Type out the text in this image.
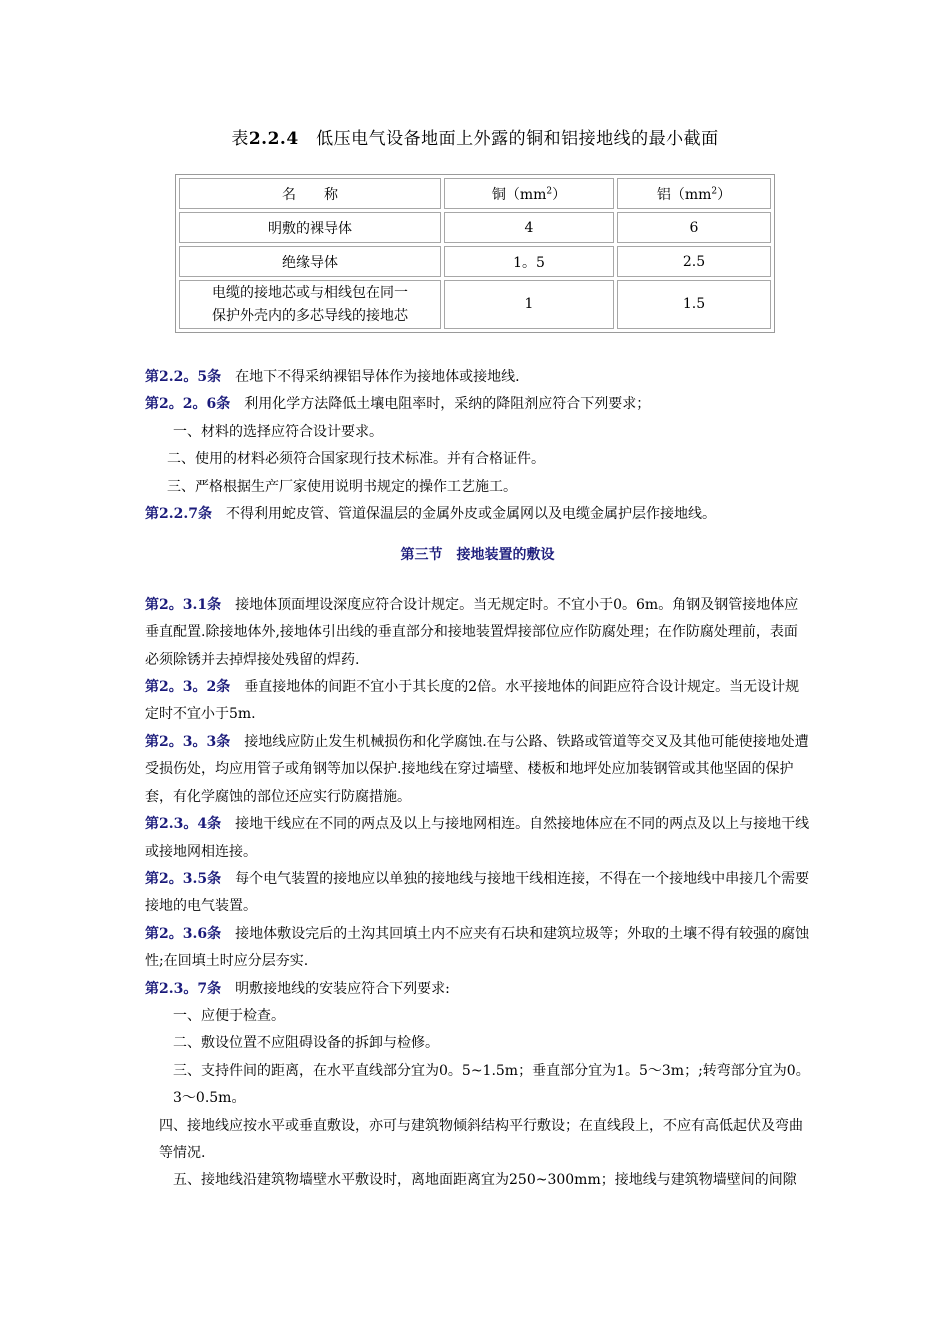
表2.2.4　 低压电气设备地面上外露的铜和铝接地线的最小截面
名　　称	铜$(mm^2)$	铝$(mm^2)$
明敷的裸导体	4	6
绝缘导体	1。5	2.5
电缆的接地芯或与相线包在同一
保护外壳内的多芯导线的接地芯	1	1.5

第2.2。5条 在地下不得采纳裸铝导体作为接地体或接地线.

第2。2。6条 利用化学方法降低土壤电阻率时，采纳的降阻剂应符合下列要求；

一、材料的选择应符合设计要求。

二、使用的材料必须符合国家现行技术标准。并有合格证件。

三、严格根据生产厂家使用说明书规定的操作工艺施工。

第2.2.7条 不得利用蛇皮管、管道保温层的金属外皮或金属网以及电缆金属护层作接地线。

第三节　接地装置的敷设

第2。3.1条 接地体顶面埋设深度应符合设计规定。当无规定时。不宜小于0。6m。角钢及钢管接地体应垂直配置.除接地体外,接地体引出线的垂直部分和接地装置焊接部位应作防腐处理；在作防腐处理前，表面必须除锈并去掉焊接处残留的焊药.

第2。3。2条 垂直接地体的间距不宜小于其长度的2倍。水平接地体的间距应符合设计规定。当无设计规定时不宜小于5m.

第2。3。3条 接地线应防止发生机械损伤和化学腐蚀.在与公路、铁路或管道等交叉及其他可能使接地处遭受损伤处，均应用管子或角钢等加以保护.接地线在穿过墙壁、楼板和地坪处应加装钢管或其他坚固的保护套，有化学腐蚀的部位还应实行防腐措施。

第2.3。4条 接地干线应在不同的两点及以上与接地网相连。自然接地体应在不同的两点及以上与接地干线或接地网相连接。

第2。3.5条 每个电气装置的接地应以单独的接地线与接地干线相连接，不得在一个接地线中串接几个需要接地的电气装置。

第2。3.6条 接地体敷设完后的土沟其回填土内不应夹有石块和建筑垃圾等；外取的土壤不得有较强的腐蚀性;在回填土时应分层夯实.

第2.3。7条 明敷接地线的安装应符合下列要求:

一、应便于检查。

二、敷设位置不应阻碍设备的拆卸与检修。

三、支持件间的距离，在水平直线部分宜为0。5~1.5m；垂直部分宜为1。5～3m；;转弯部分宜为0。3～0.5m。

四、接地线应按水平或垂直敷设，亦可与建筑物倾斜结构平行敷设；在直线段上，不应有高低起伏及弯曲等情况.

五、接地线沿建筑物墙壁水平敷设时，离地面距离宜为250~300mm；接地线与建筑物墙壁间的间隙
